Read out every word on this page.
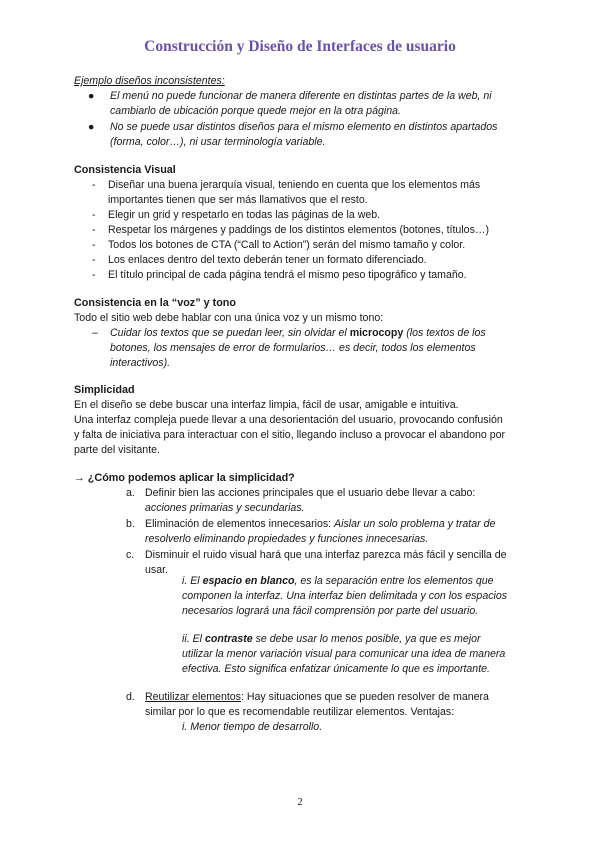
Construcción y Diseño de Interfaces de usuario
Ejemplo diseños inconsistentes:
● El menú no puede funcionar de manera diferente en distintas partes de la web, ni
cambiarlo de ubicación porque quede mejor en la otra página.
● No se puede usar distintos diseños para el mismo elemento en distintos apartados
(forma, color…), ni usar terminología variable.
Consistencia Visual
- Diseñar una buena jerarquía visual, teniendo en cuenta que los elementos más
importantes tienen que ser más llamativos que el resto.
- Elegir un grid y respetarlo en todas las páginas de la web.
- Respetar los márgenes y paddings de los distintos elementos (botones, títulos…)
- Todos los botones de CTA (“Call to Action”) serán del mismo tamaño y color.
- Los enlaces dentro del texto deberán tener un formato diferenciado.
- El título principal de cada página tendrá el mismo peso tipográfico y tamaño.
Consistencia en la “voz” y tono
Todo el sitio web debe hablar con una única voz y un mismo tono:
– Cuidar los textos que se puedan leer, sin olvidar el microcopy (los textos de los
botones, los mensajes de error de formularios… es decir, todos los elementos
interactivos).
Simplicidad
En el diseño se debe buscar una interfaz limpia, fácil de usar, amigable e intuitiva.
Una interfaz compleja puede llevar a una desorientación del usuario, provocando confusión
y falta de iniciativa para interactuar con el sitio, llegando incluso a provocar el abandono por
parte del visitante.
→ ¿Cómo podemos aplicar la simplicidad?
a. Definir bien las acciones principales que el usuario debe llevar a cabo:
acciones primarias y secundarias.
b. Eliminación de elementos innecesarios: Aislar un solo problema y tratar de
resolverlo eliminando propiedades y funciones innecesarias.
c. Disminuir el ruido visual hará que una interfaz parezca más fácil y sencilla de
usar.
i. El espacio en blanco, es la separación entre los elementos que
componen la interfaz. Una interfaz bien delimitada y con los espacios
necesarios logrará una fácil comprensión por parte del usuario.
ii. El contraste se debe usar lo menos posible, ya que es mejor
utilizar la menor variación visual para comunicar una idea de manera
efectiva. Esto significa enfatizar únicamente lo que es importante.
d. Reutilizar elementos: Hay situaciones que se pueden resolver de manera
similar por lo que es recomendable reutilizar elementos. Ventajas:
i. Menor tiempo de desarrollo.
2
